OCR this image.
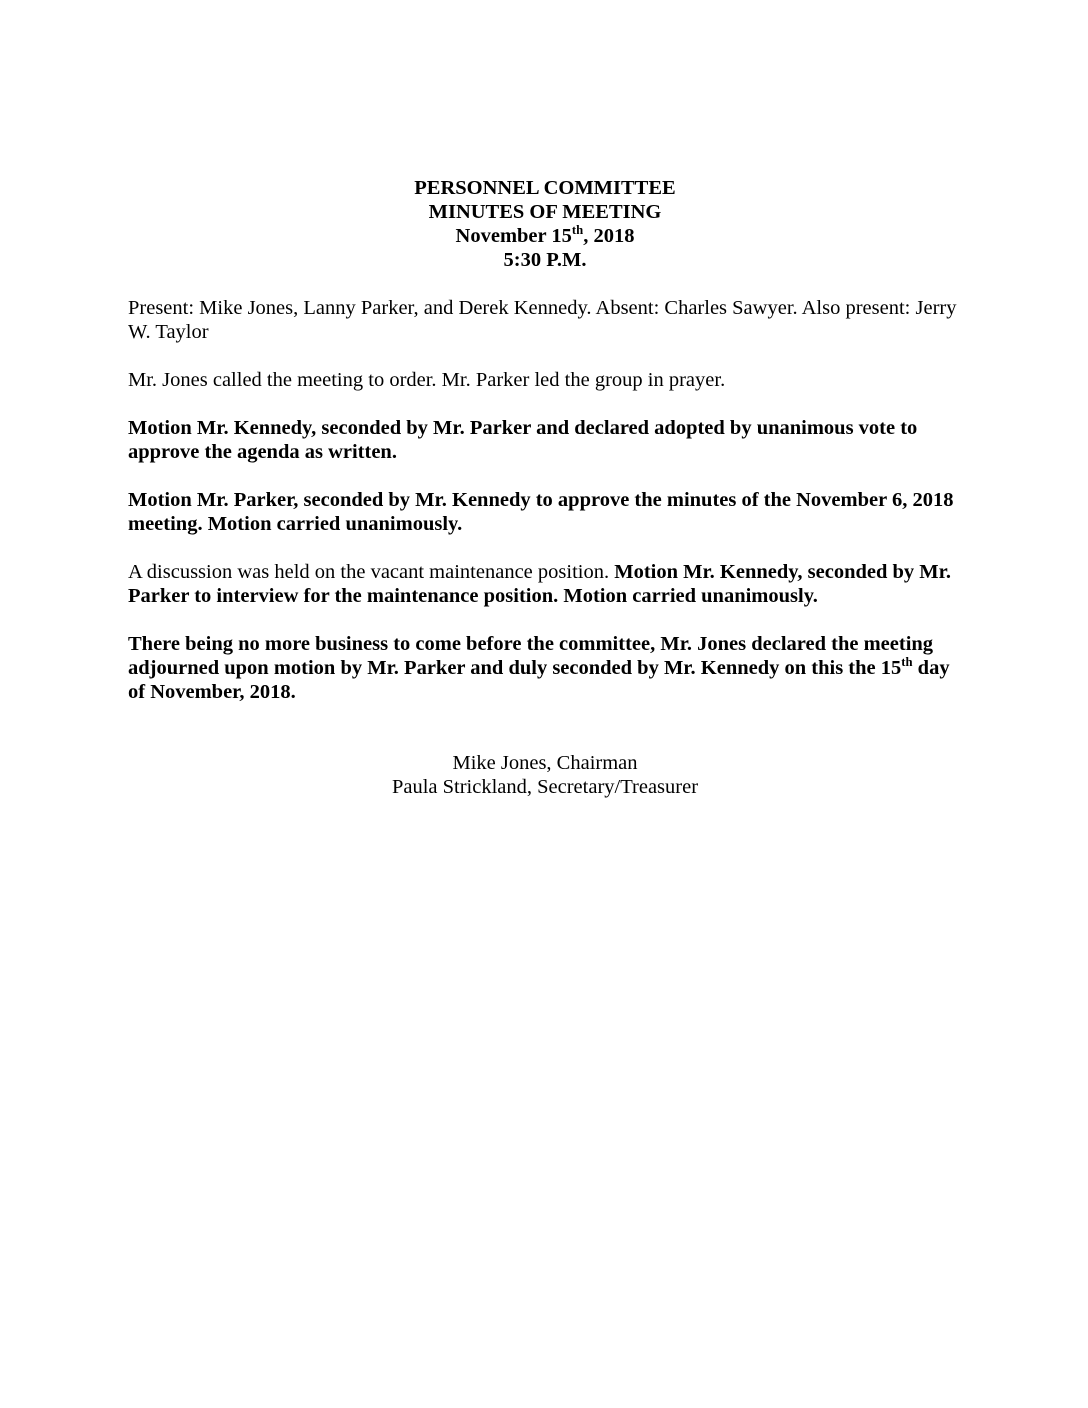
PERSONNEL COMMITTEE
MINUTES OF MEETING
November 15th, 2018
5:30 P.M.

Present: Mike Jones, Lanny Parker, and Derek Kennedy. Absent: Charles Sawyer. Also present: Jerry W. Taylor

Mr. Jones called the meeting to order. Mr. Parker led the group in prayer.

Motion Mr. Kennedy, seconded by Mr. Parker and declared adopted by unanimous vote to approve the agenda as written.

Motion Mr. Parker, seconded by Mr. Kennedy to approve the minutes of the November 6, 2018 meeting. Motion carried unanimously.

A discussion was held on the vacant maintenance position. Motion Mr. Kennedy, seconded by Mr. Parker to interview for the maintenance position. Motion carried unanimously.

There being no more business to come before the committee, Mr. Jones declared the meeting adjourned upon motion by Mr. Parker and duly seconded by Mr. Kennedy on this the 15th day of November, 2018.

Mike Jones, Chairman
Paula Strickland, Secretary/Treasurer
